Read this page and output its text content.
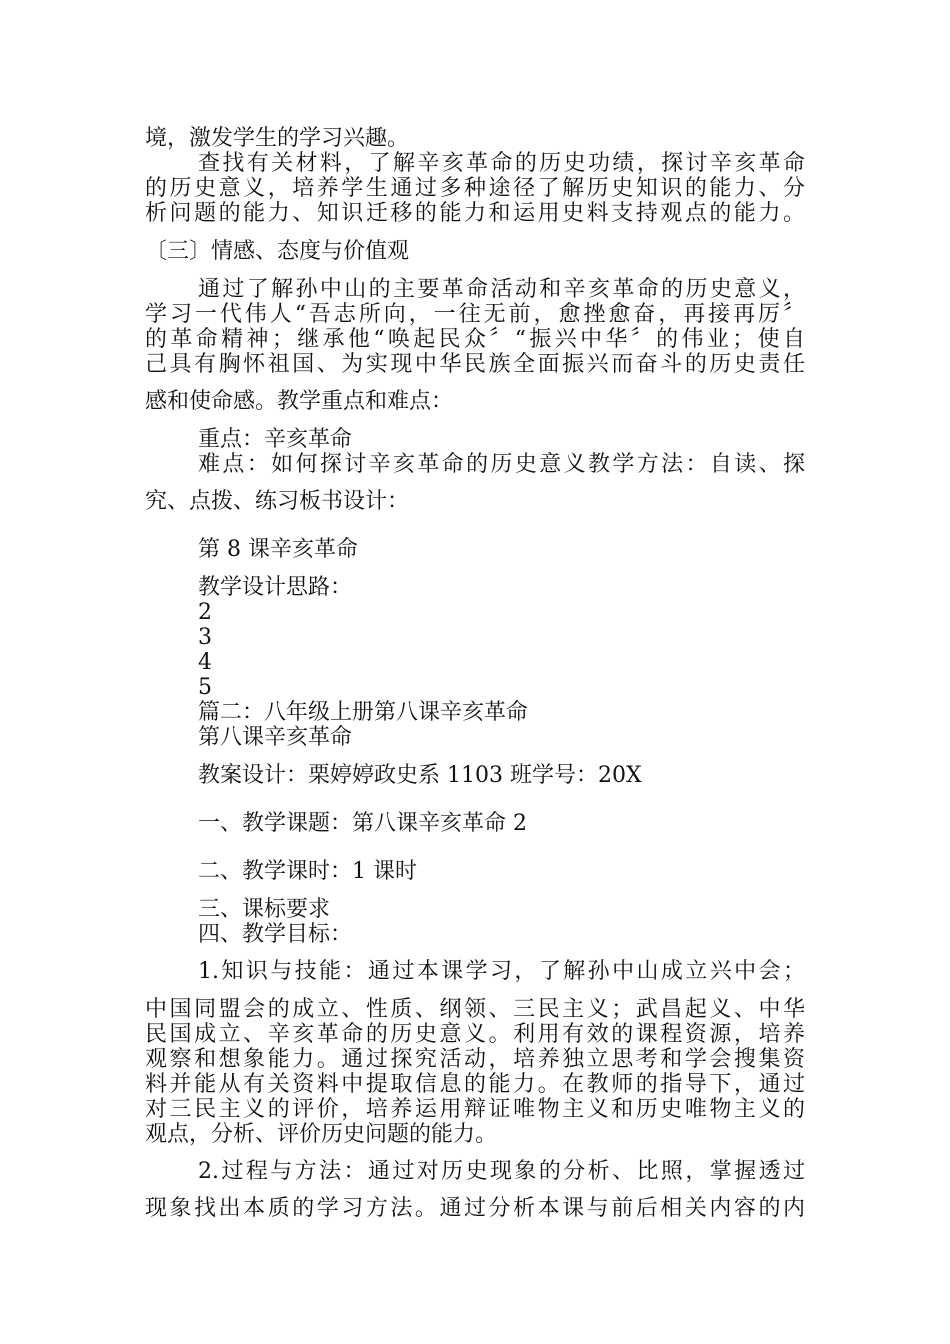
境，激发学生的学习兴趣。

查找有关材料，了解辛亥革命的历史功绩，探讨辛亥革命

的历史意义，培养学生通过多种途径了解历史知识的能力、分

析问题的能力、知识迁移的能力和运用史料支持观点的能力。

〔三〕情感、态度与价值观

通过了解孙中山的主要革命活动和辛亥革命的历史意义，

学习一代伟人“吾志所向，一往无前，愈挫愈奋，再接再厉〞

的革命精神；继承他“唤起民众〞“振兴中华〞的伟业；使自

己具有胸怀祖国、为实现中华民族全面振兴而奋斗的历史责任

感和使命感。教学重点和难点：

重点：辛亥革命

难点：如何探讨辛亥革命的历史意义教学方法：自读、探

究、点拨、练习板书设计：

第 8 课辛亥革命

教学设计思路：

2

3

4

5

篇二：八年级上册第八课辛亥革命

第八课辛亥革命

教案设计：栗婷婷政史系 1103 班学号：20X

一、教学课题：第八课辛亥革命 2

二、教学课时：1 课时

三、课标要求

四、教学目标：

1.知识与技能：通过本课学习，了解孙中山成立兴中会；

中国同盟会的成立、性质、纲领、三民主义；武昌起义、中华

民国成立、辛亥革命的历史意义。利用有效的课程资源，培养

观察和想象能力。通过探究活动，培养独立思考和学会搜集资

料并能从有关资料中提取信息的能力。在教师的指导下，通过

对三民主义的评价，培养运用辩证唯物主义和历史唯物主义的

观点，分析、评价历史问题的能力。

2.过程与方法：通过对历史现象的分析、比照，掌握透过

现象找出本质的学习方法。通过分析本课与前后相关内容的内
